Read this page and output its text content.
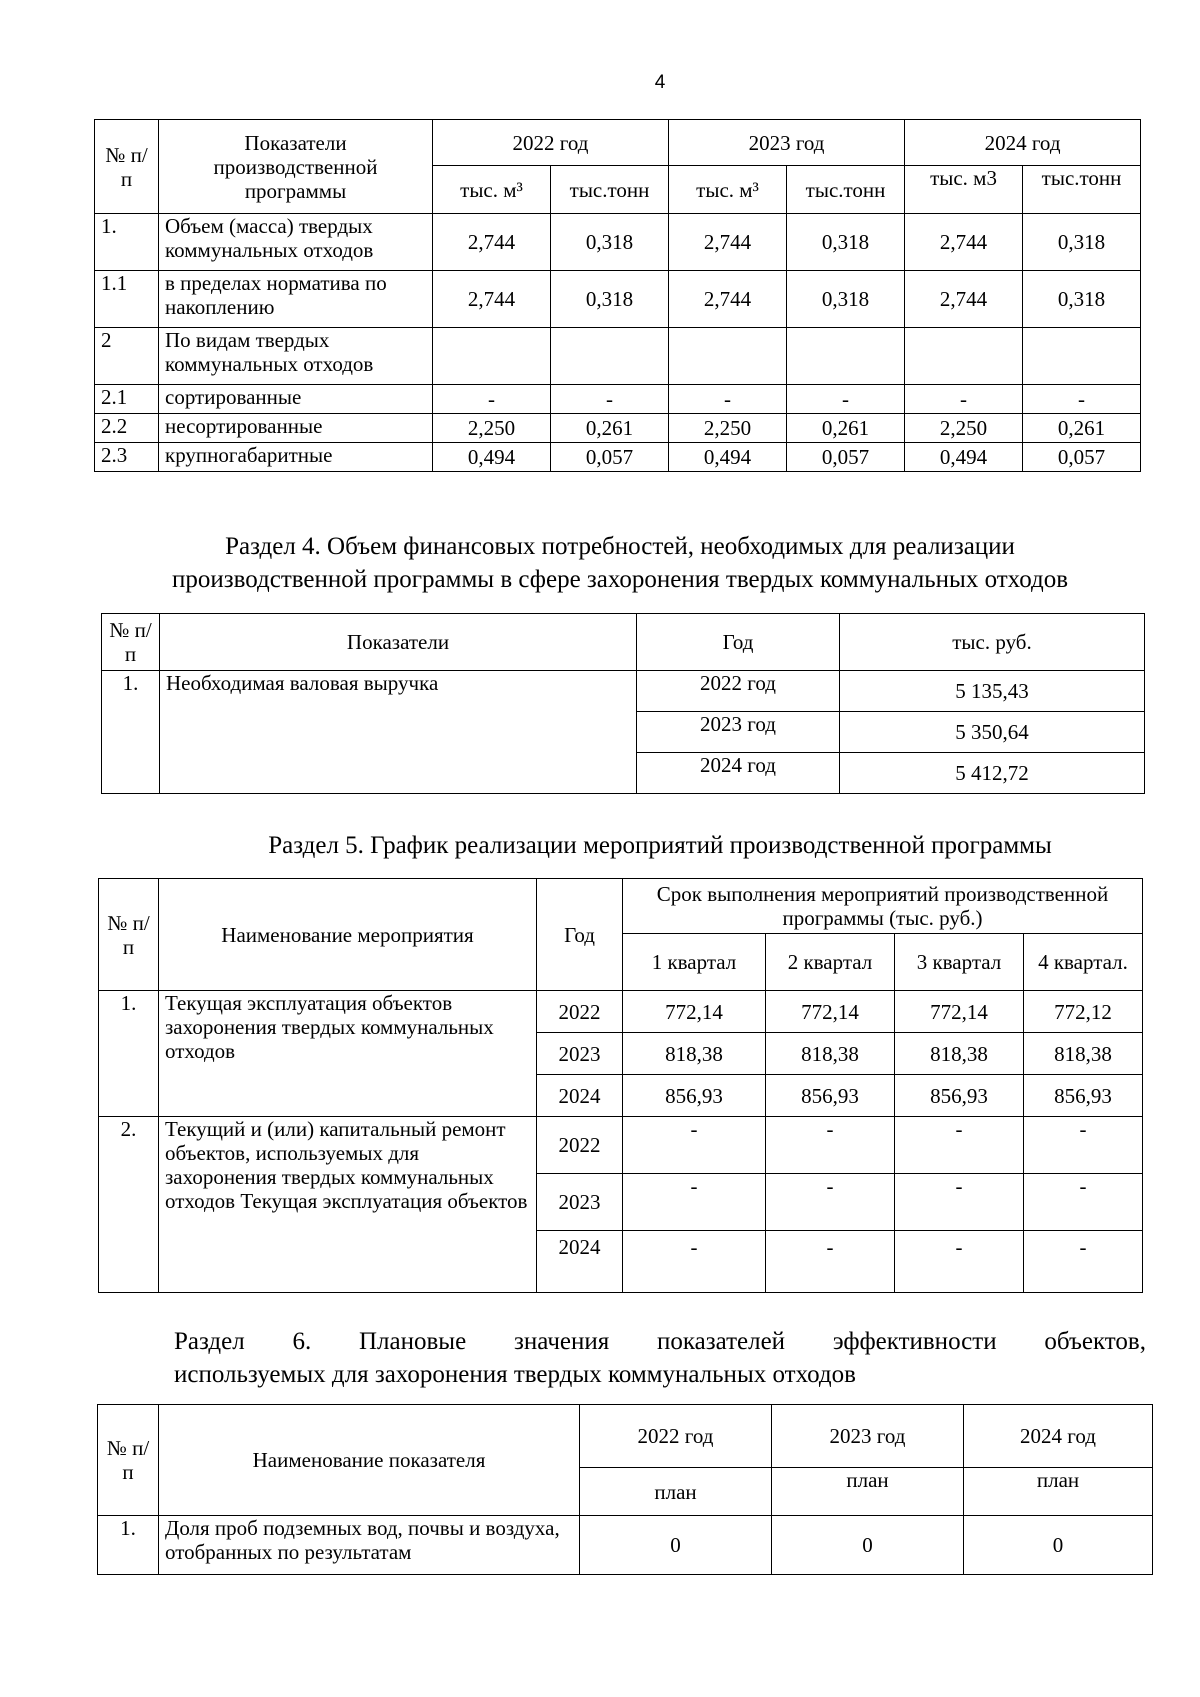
4
№ п/п	Показатели производственной программы	2022 год		2023 год		2024 год	
		тыс. м³	тыс.тонн	тыс. м³	тыс.тонн	тыс. м3	тыс.тонн
1.	Объем (масса) твердых коммунальных отходов	2,744	0,318	2,744	0,318	2,744	0,318
1.1	в пределах норматива по накоплению	2,744	0,318	2,744	0,318	2,744	0,318
2	По видам твердых коммунальных отходов						
2.1	сортированные	-	-	-	-	-	-
2.2	несортированные	2,250	0,261	2,250	0,261	2,250	0,261
2.3	крупногабаритные	0,494	0,057	0,494	0,057	0,494	0,057
Раздел 4. Объем финансовых потребностей, необходимых для реализации
производственной программы в сфере захоронения твердых коммунальных отходов
№ п/п	Показатели	Год	тыс. руб.
1.	Необходимая валовая выручка	2022 год	5 135,43
		2023 год	5 350,64
		2024 год	5 412,72
Раздел 5. График реализации мероприятий производственной программы
№ п/п	Наименование мероприятия	Год	Срок выполнения мероприятий производственной программы (тыс. руб.)			
			1 квартал	2 квартал	3 квартал	4 квартал.
1.	Текущая эксплуатация объектов захоронения твердых коммунальных отходов	2022	772,14	772,14	772,14	772,12
		2023	818,38	818,38	818,38	818,38
		2024	856,93	856,93	856,93	856,93
2.	Текущий и (или) капитальный ремонт объектов, используемых для захоронения твердых коммунальных отходов Текущая эксплуатация объектов	2022	-	-	-	-
		2023	-	-	-	-
		2024	-	-	-	-
Раздел 6. Плановые значения показателей эффективности объектов,
используемых для захоронения твердых коммунальных отходов
№ п/п	Наименование показателя	2022 год	2023 год	2024 год
		план	план	план
1.	Доля проб подземных вод, почвы и воздуха, отобранных по результатам	0	0	0
